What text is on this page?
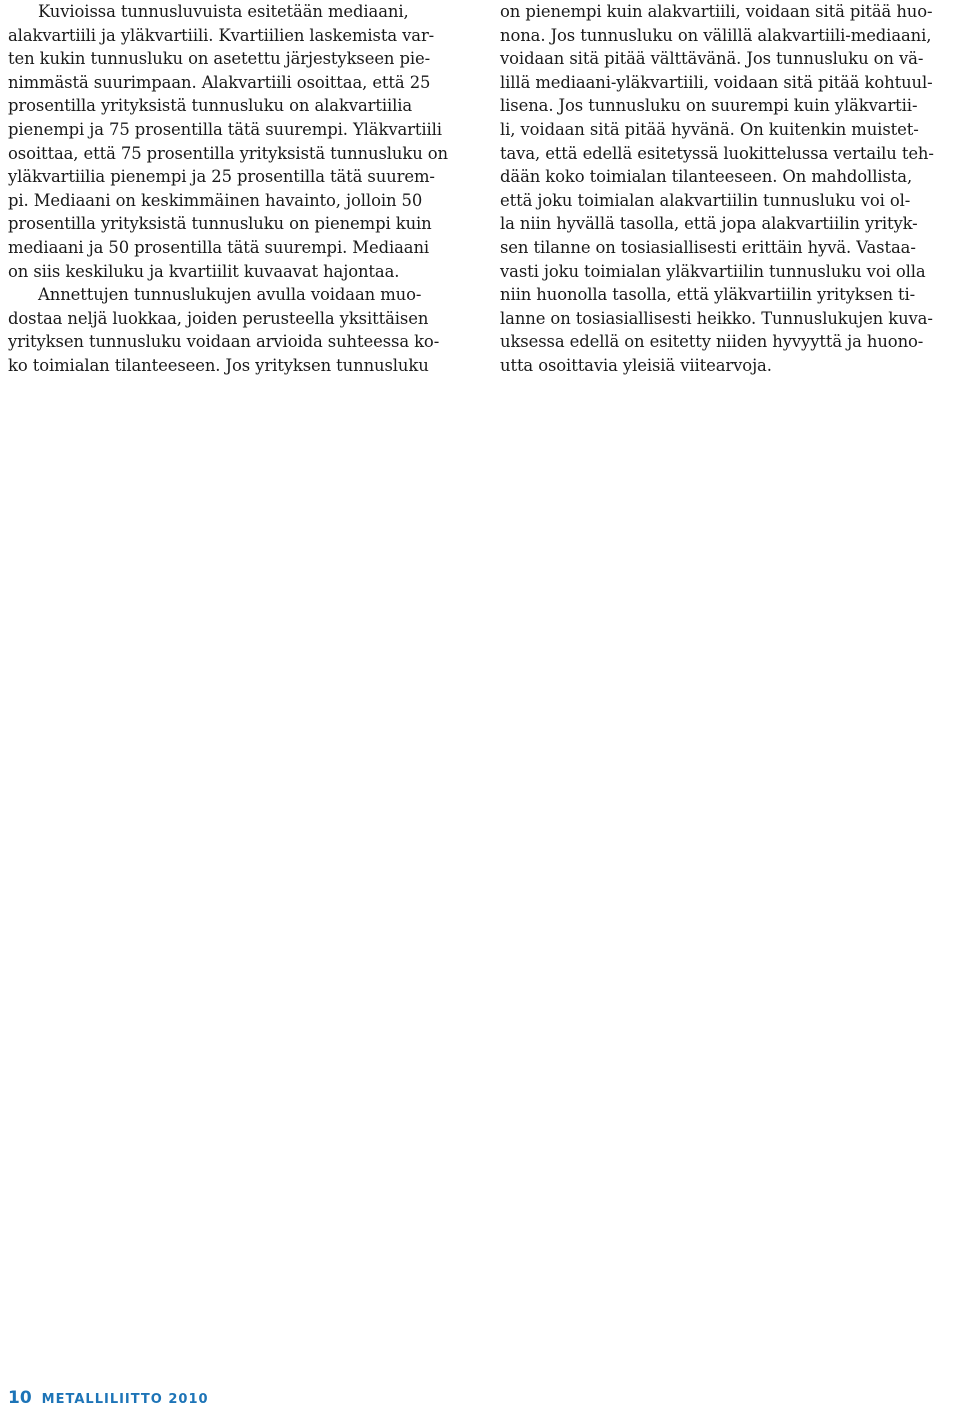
Kuvioissa tunnusluvuista esitetään mediaani,
alakvartiili ja yläkvartiili. Kvartiilien laskemista var-
ten kukin tunnusluku on asetettu järjestykseen pie-
nimmästä suurimpaan. Alakvartiili osoittaa, että 25
prosentilla yrityksistä tunnusluku on alakvartiilia
pienempi ja 75 prosentilla tätä suurempi. Yläkvartiili
osoittaa, että 75 prosentilla yrityksistä tunnusluku on
yläkvartiilia pienempi ja 25 prosentilla tätä suurem-
pi. Mediaani on keskimmäinen havainto, jolloin 50
prosentilla yrityksistä tunnusluku on pienempi kuin
mediaani ja 50 prosentilla tätä suurempi. Mediaani
on siis keskiluku ja kvartiilit kuvaavat hajontaa.
Annettujen tunnuslukujen avulla voidaan muo-
dostaa neljä luokkaa, joiden perusteella yksittäisen
yrityksen tunnusluku voidaan arvioida suhteessa ko-
ko toimialan tilanteeseen. Jos yrityksen tunnusluku
on pienempi kuin alakvartiili, voidaan sitä pitää huo-
nona. Jos tunnusluku on välillä alakvartiili-mediaani,
voidaan sitä pitää välttävänä. Jos tunnusluku on vä-
lillä mediaani-yläkvartiili, voidaan sitä pitää kohtuul-
lisena. Jos tunnusluku on suurempi kuin yläkvartii-
li, voidaan sitä pitää hyvänä. On kuitenkin muistet-
tava, että edellä esitetyssä luokittelussa vertailu teh-
dään koko toimialan tilanteeseen. On mahdollista,
että joku toimialan alakvartiilin tunnusluku voi ol-
la niin hyvällä tasolla, että jopa alakvartiilin yrityk-
sen tilanne on tosiasiallisesti erittäin hyvä. Vastaa-
vasti joku toimialan yläkvartiilin tunnusluku voi olla
niin huonolla tasolla, että yläkvartiilin yrityksen ti-
lanne on tosiasiallisesti heikko. Tunnuslukujen kuva-
uksessa edellä on esitetty niiden hyvyyttä ja huono-
utta osoittavia yleisiä viitearvoja.
10 METALLILIITTO 2010
